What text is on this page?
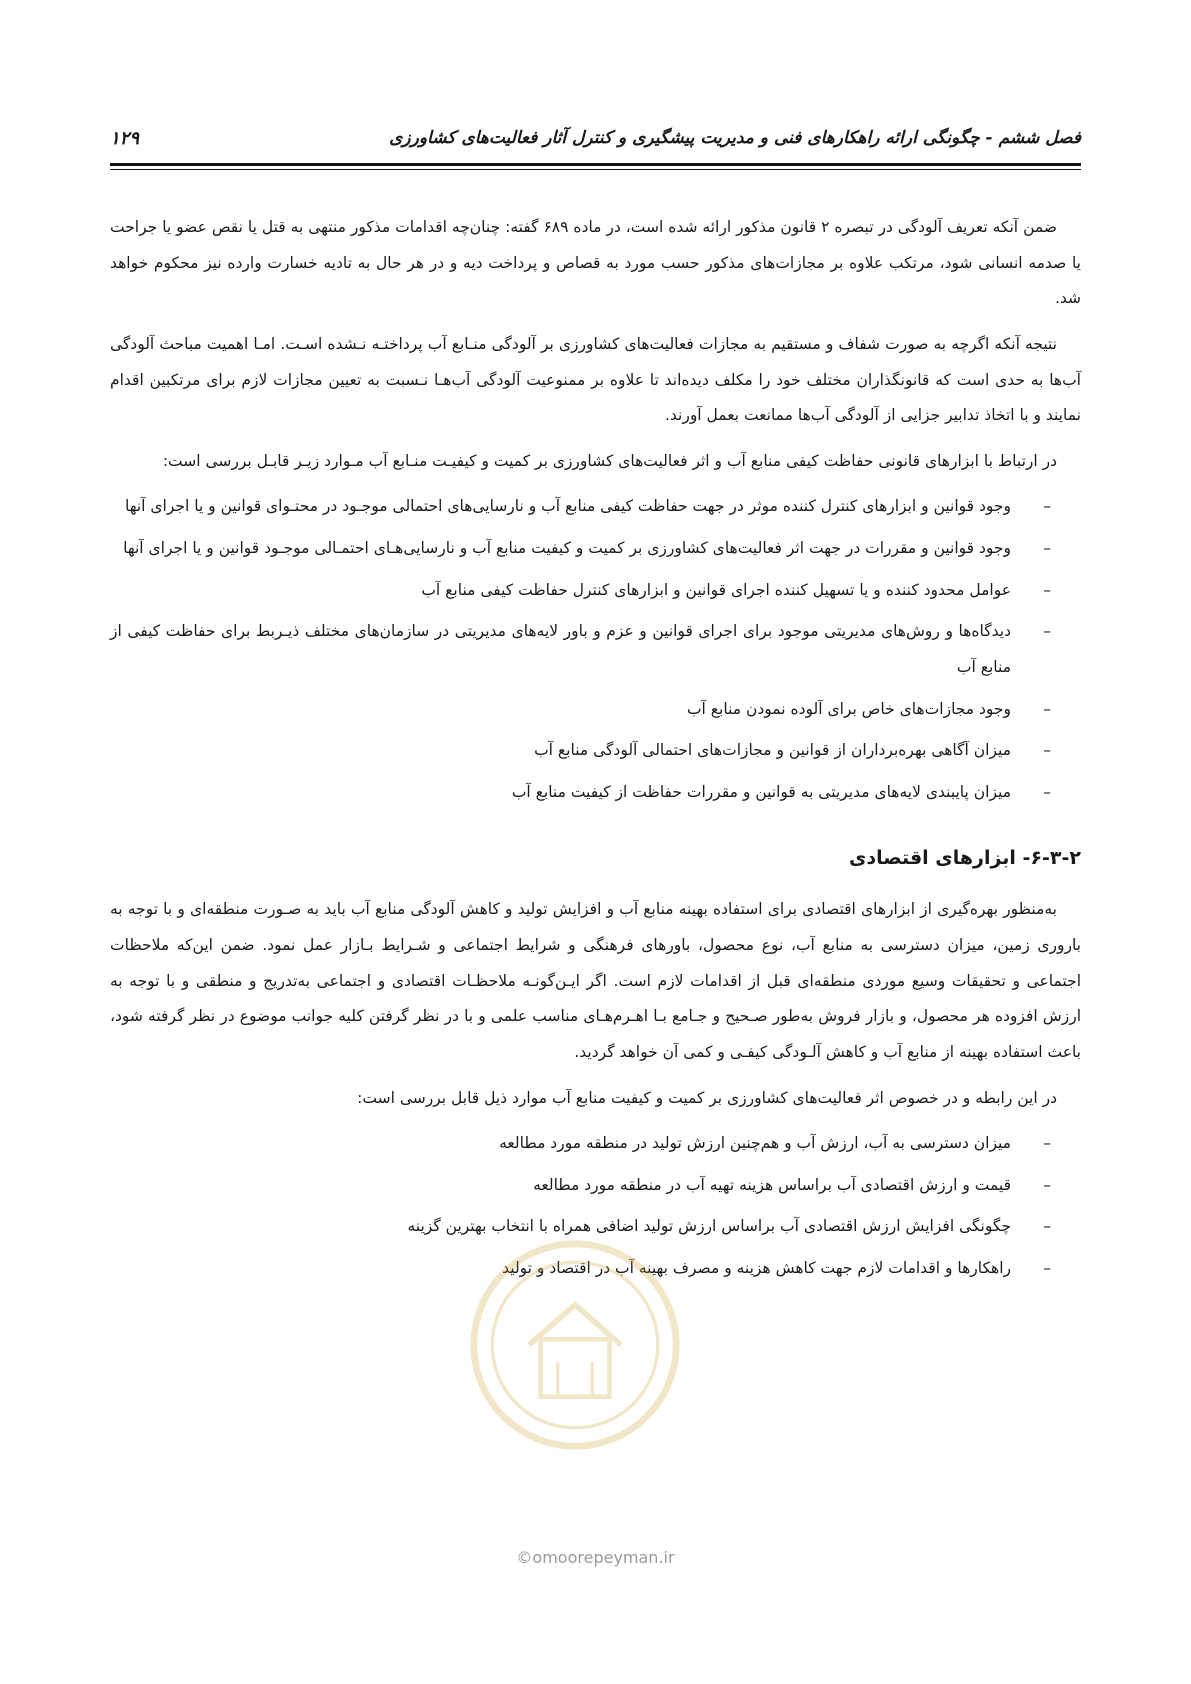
فصل ششم - چگونگی ارائه راهکارهای فنی و مدیریت پیشگیری و کنترل آثار فعالیت‌های کشاورزی
۱۲۹

ضمن آنکه تعریف آلودگی در تبصره ۲ قانون مذکور ارائه شده است، در ماده ۶۸۹ گفته: چنان‌چه اقدامات مذکور منتهی به قتل یا نقص عضو یا جراحت یا صدمه انسانی شود، مرتکب علاوه بر مجازات‌های مذکور حسب مورد به قصاص و پرداخت دیه و در هر حال به تادیه خسارت وارده نیز محکوم خواهد شد.

نتیجه آنکه اگرچه به صورت شفاف و مستقیم به مجازات فعالیت‌های کشاورزی بر آلودگی منـابع آب پرداختـه نـشده اسـت. امـا اهمیت مباحث آلودگی آب‌ها به حدی است که قانونگذاران مختلف خود را مکلف دیده‌اند تا علاوه بر ممنوعیت آلودگی آب‌هـا نـسبت به تعیین مجازات لازم برای مرتکبین اقدام نمایند و با اتخاذ تدابیر جزایی از آلودگی آب‌ها ممانعت بعمل آورند.

در ارتباط با ابزارهای قانونی حفاظت کیفی منابع آب و اثر فعالیت‌های کشاورزی بر کمیت و کیفیـت منـابع آب مـوارد زیـر قابـل بررسی است:

–
وجود قوانین و ابزارهای کنترل کننده موثر در جهت حفاظت کیفی منابع آب و نارسایی‌های احتمالی موجـود در محتـوای قوانین و یا اجرای آنها
–
وجود قوانین و مقررات در جهت اثر فعالیت‌های کشاورزی بر کمیت و کیفیت منابع آب و نارسایی‌هـای احتمـالی موجـود قوانین و یا اجرای آنها
–
عوامل محدود کننده و یا تسهیل کننده اجرای قوانین و ابزارهای کنترل حفاظت کیفی منابع آب
–
دیدگاه‌ها و روش‌های مدیریتی موجود برای اجرای قوانین و عزم و باور لایه‌های مدیریتی در سازمان‌های مختلف ذیـربط برای حفاظت کیفی از منابع آب
–
وجود مجازات‌های خاص برای آلوده نمودن منابع آب
–
میزان آگاهی بهره‌برداران از قوانین و مجازات‌های احتمالی آلودگی منابع آب
–
میزان پایبندی لایه‌های مدیریتی به قوانین و مقررات حفاظت از کیفیت منابع آب
۶-۳-۲- ابزارهای اقتصادی

به‌منظور بهره‌گیری از ابزارهای اقتصادی برای استفاده بهینه منابع آب و افزایش تولید و کاهش آلودگی منابع آب باید به صـورت منطقه‌ای و با توجه به باروری زمین، میزان دسترسی به منابع آب، نوع محصول، باورهای فرهنگی و شرایط اجتماعی و شـرایط بـازار عمل نمود. ضمن این‌که ملاحظات اجتماعی و تحقیقات وسیع موردی منطقه‌ای قبل از اقدامات لازم است. اگر ایـن‌گونـه ملاحظـات اقتصادی و اجتماعی به‌تدریج و منطقی و با توجه به ارزش افزوده هر محصول، و بازار فروش به‌طور صـحیح و جـامع بـا اهـرم‌هـای مناسب علمی و با در نظر گرفتن کلیه جوانب موضوع در نظر گرفته شود، باعث استفاده بهینه از منابع آب و کاهش آلـودگی کیفـی و کمی آن خواهد گردید.

در این رابطه و در خصوص اثر فعالیت‌های کشاورزی بر کمیت و کیفیت منابع آب موارد ذیل قابل بررسی است:

–
میزان دسترسی به آب، ارزش آب و هم‌چنین ارزش تولید در منطقه مورد مطالعه
–
قیمت و ارزش اقتصادی آب براساس هزینه تهیه آب در منطقه مورد مطالعه
–
چگونگی افزایش ارزش اقتصادی آب براساس ارزش تولید اضافی همراه با انتخاب بهترین گزینه
–
راهکارها و اقدامات لازم جهت کاهش هزینه و مصرف بهینه آب در اقتصاد و تولید
©omoorepeyman.ir
